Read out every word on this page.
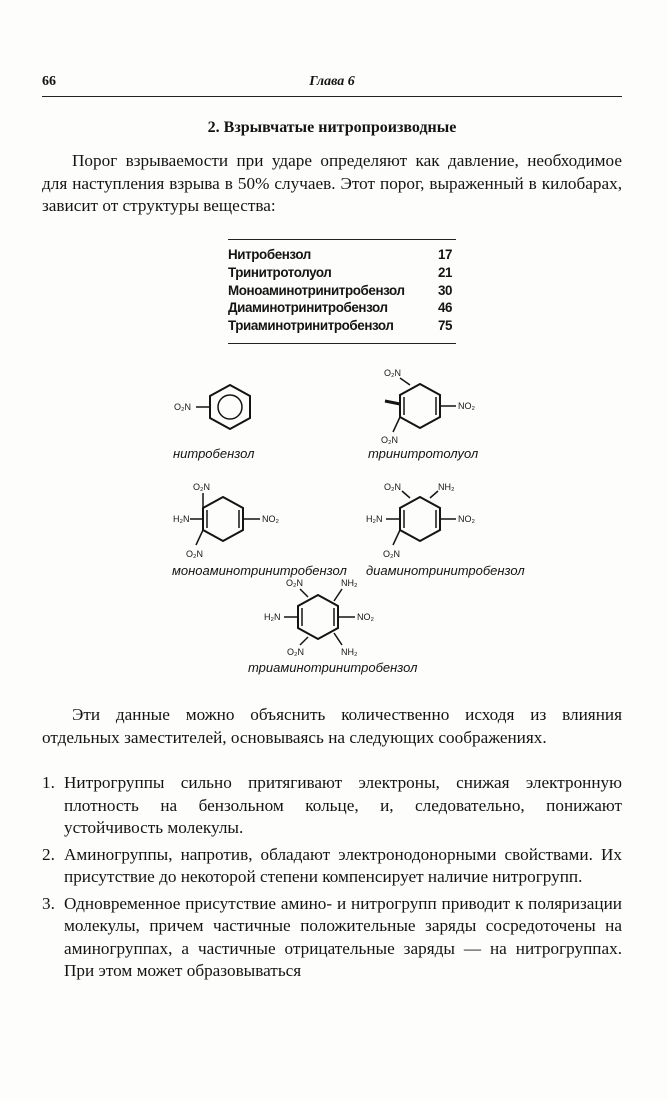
66	Глава 6
2. Взрывчатые нитропроизводные
Порог взрываемости при ударе определяют как давление, необходимое для наступления взрыва в 50% случаев. Этот порог, выраженный в килобарах, зависит от структуры вещества:
Нитробензол	17
Тринитротолуол	21
Моноаминотринитробензол 30
Диаминотринитробензол	46
Триаминотринитробензол	75
O₂N
O₂N
NO₂
O₂N
O₂N
H₂N	NO₂
O₂N
O₂N	NH₂
H₂N	NO₂
O₂N
O₂N	NH₂
H₂N	NO₂
O₂N	NH₂
нитробензол	тринитротолуол
моноаминотринитробензол диаминотринитробензол
триаминотринитробензол
Эти данные можно объяснить количественно исходя из влияния отдельных заместителей, основываясь на следующих соображениях.
1. Нитрогруппы сильно притягивают электроны, снижая электронную плотность на бензольном кольце, и, следовательно, понижают устойчивость молекулы.
2. Аминогруппы, напротив, обладают электронодонорными свойствами. Их присутствие до некоторой степени компенсирует наличие нитрогрупп.
3. Одновременное присутствие амино- и нитрогрупп приводит к поляризации молекулы, причем частичные положительные заряды сосредоточены на аминогруппах, а частичные отрицательные заряды — на нитрогруппах. При этом может образовываться
